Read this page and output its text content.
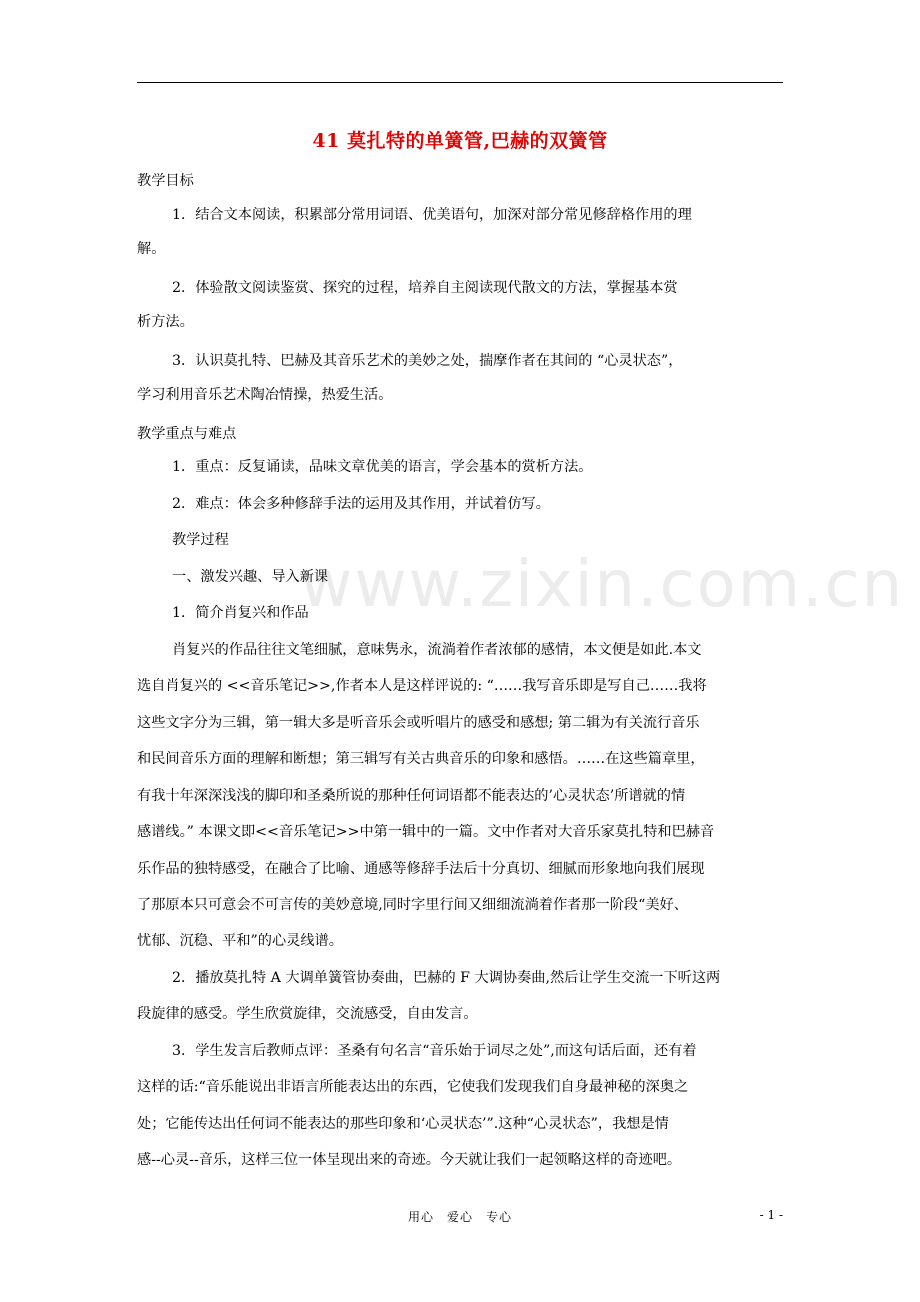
www.zixin.com.cn
41 莫扎特的单簧管,巴赫的双簧管
教学目标
1．结合文本阅读，积累部分常用词语、优美语句，加深对部分常见修辞格作用的理
解。
2．体验散文阅读鉴赏、探究的过程，培养自主阅读现代散文的方法，掌握基本赏
析方法。
3．认识莫扎特、巴赫及其音乐艺术的美妙之处，揣摩作者在其间的 “心灵状态”，
学习利用音乐艺术陶冶情操，热爱生活。
教学重点与难点
1．重点：反复诵读，品味文章优美的语言，学会基本的赏析方法。
2．难点：体会多种修辞手法的运用及其作用，并试着仿写。
教学过程
一、激发兴趣、导入新课
1．简介肖复兴和作品
肖复兴的作品往往文笔细腻，意味隽永，流淌着作者浓郁的感情，本文便是如此.本文
选自肖复兴的 <<音乐笔记>>,作者本人是这样评说的: “……我写音乐即是写自己……我将
这些文字分为三辑，第一辑大多是听音乐会或听唱片的感受和感想; 第二辑为有关流行音乐
和民间音乐方面的理解和断想；第三辑写有关古典音乐的印象和感悟。……在这些篇章里，
有我十年深深浅浅的脚印和圣桑所说的那种任何词语都不能表达的’心灵状态’所谱就的情
感谱线。” 本课文即<<音乐笔记>>中第一辑中的一篇。文中作者对大音乐家莫扎特和巴赫音
乐作品的独特感受，在融合了比喻、通感等修辞手法后十分真切、细腻而形象地向我们展现
了那原本只可意会不可言传的美妙意境,同时字里行间又细细流淌着作者那一阶段“美好、
忧郁、沉稳、平和”的心灵线谱。
2．播放莫扎特 A 大调单簧管协奏曲，巴赫的 F 大调协奏曲,然后让学生交流一下听这两
段旋律的感受。学生欣赏旋律，交流感受，自由发言。
3．学生发言后教师点评：圣桑有句名言“音乐始于词尽之处”,而这句话后面，还有着
这样的话:“音乐能说出非语言所能表达出的东西，它使我们发现我们自身最神秘的深奥之
处；它能传达出任何词不能表达的那些印象和‘心灵状态’”.这种“心灵状态”，我想是情
感--心灵--音乐，这样三位一体呈现出来的奇迹。今天就让我们一起领略这样的奇迹吧。
用心　爱心　专心	- 1 -
